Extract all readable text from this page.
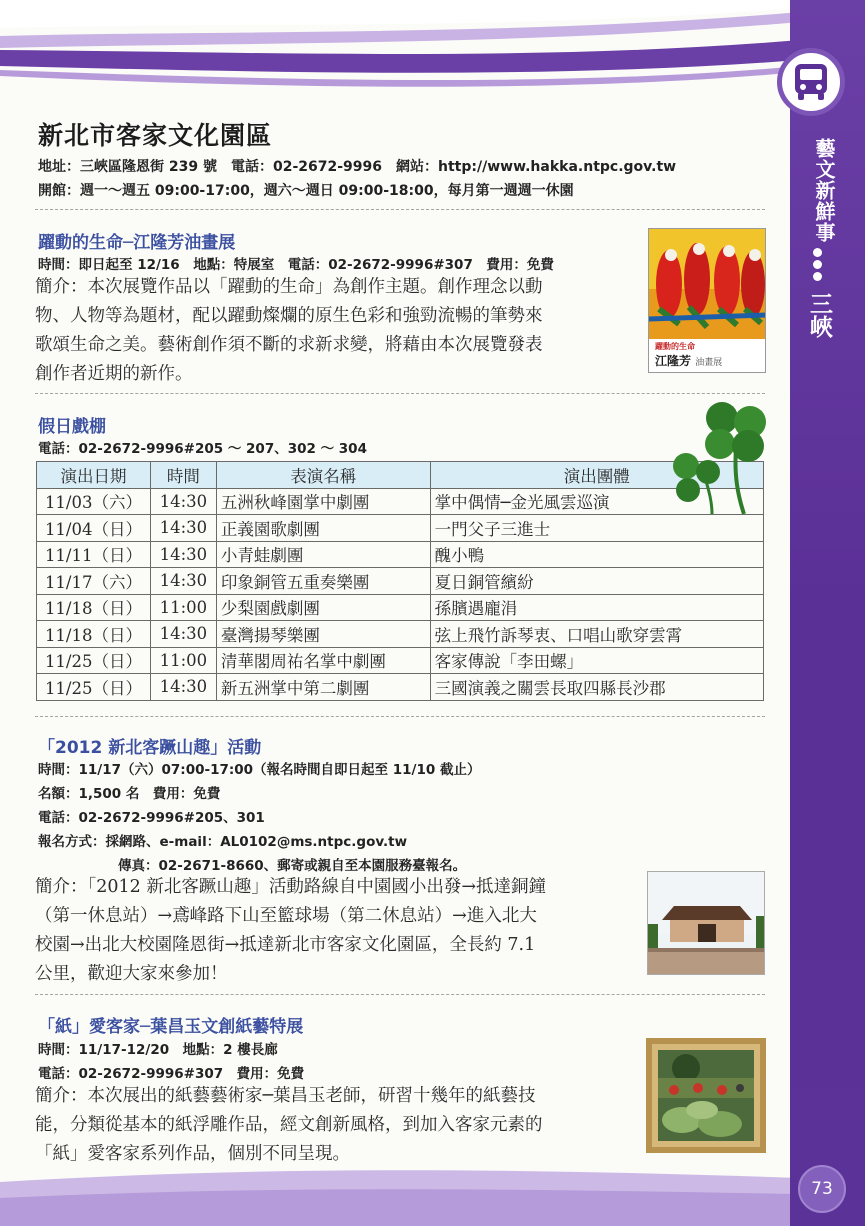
藝文新鮮事
三峽
73
新北市客家文化園區
地址：三峽區隆恩街 239 號　電話：02-2672-9996　網站：http://www.hakka.ntpc.gov.tw
開館：週一～週五 09:00-17:00，週六～週日 09:00-18:00，每月第一週週一休園
躍動的生命─江隆芳油畫展
時間：即日起至 12/16　地點：特展室　電話：02-2672-9996#307　費用：免費
簡介：本次展覽作品以「躍動的生命」為創作主題。創作理念以動
物、人物等為題材，配以躍動燦爛的原生色彩和強勁流暢的筆勢來
歌頌生命之美。藝術創作須不斷的求新求變，將藉由本次展覽發表
創作者近期的新作。
躍動的生命
江隆芳 油畫展
假日戲棚
電話：02-2672-9996#205 ～ 207、302 ～ 304
演出日期	時間	表演名稱	演出團體
11/03（六）	14:30	五洲秋峰園掌中劇團	掌中偶情─金光風雲巡演
11/04（日）	14:30	正義園歌劇團	一門父子三進士
11/11（日）	14:30	小青蛙劇團	醜小鴨
11/17（六）	14:30	印象銅管五重奏樂團	夏日銅管繽紛
11/18（日）	11:00	少梨園戲劇團	孫臏遇龐涓
11/18（日）	14:30	臺灣揚琴樂團	弦上飛竹訴琴衷、口唱山歌穿雲霄
11/25（日）	11:00	清華閣周祐名掌中劇團	客家傳說「李田螺」
11/25（日）	14:30	新五洲掌中第二劇團	三國演義之關雲長取四縣長沙郡
「2012 新北客蹶山趣」活動
時間：11/17（六）07:00-17:00（報名時間自即日起至 11/10 截止）
名額：1,500 名　費用：免費
電話：02-2672-9996#205、301
報名方式：採網路、e-mail：AL0102@ms.ntpc.gov.tw
傳真：02-2671-8660、郵寄或親自至本園服務臺報名。
簡介：「2012 新北客蹶山趣」活動路線自中園國小出發→抵達銅鐘
（第一休息站）→鳶峰路下山至籃球場（第二休息站）→進入北大
校園→出北大校園隆恩街→抵達新北市客家文化園區，全長約 7.1
公里，歡迎大家來參加！
「紙」愛客家─葉昌玉文創紙藝特展
時間：11/17-12/20　地點：2 樓長廊
電話：02-2672-9996#307　費用：免費
簡介：本次展出的紙藝藝術家─葉昌玉老師，研習十幾年的紙藝技
能，分類從基本的紙浮雕作品，經文創新風格，到加入客家元素的
「紙」愛客家系列作品，個別不同呈現。
